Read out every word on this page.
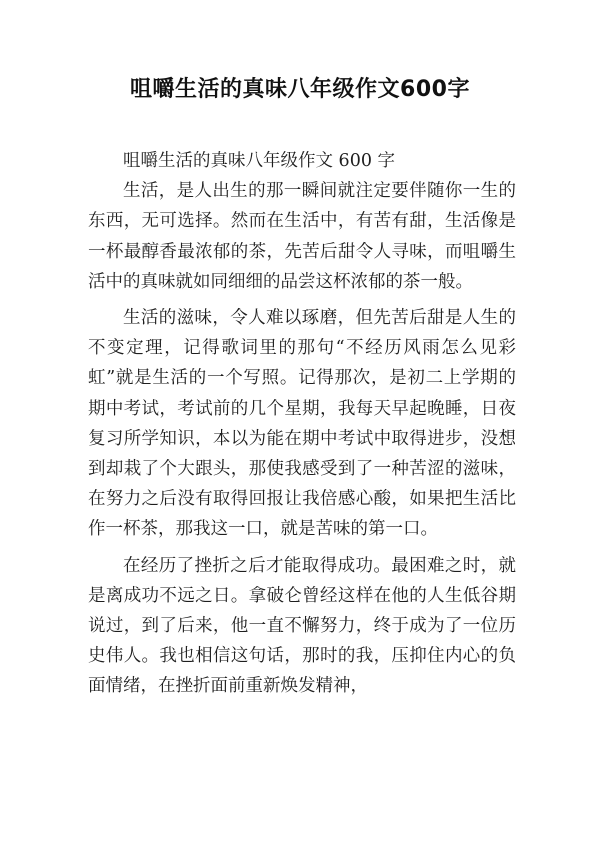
咀嚼生活的真味八年级作文600字

咀嚼生活的真味八年级作文 600 字

生活，是人出生的那一瞬间就注定要伴随你一生的东西，无可选择。然而在生活中，有苦有甜，生活像是一杯最醇香最浓郁的茶，先苦后甜令人寻味，而咀嚼生活中的真味就如同细细的品尝这杯浓郁的茶一般。

生活的滋味，令人难以琢磨，但先苦后甜是人生的不变定理，记得歌词里的那句“不经历风雨怎么见彩虹”就是生活的一个写照。记得那次，是初二上学期的期中考试，考试前的几个星期，我每天早起晚睡，日夜复习所学知识，本以为能在期中考试中取得进步，没想到却栽了个大跟头，那使我感受到了一种苦涩的滋味，在努力之后没有取得回报让我倍感心酸，如果把生活比作一杯茶，那我这一口，就是苦味的第一口。

在经历了挫折之后才能取得成功。最困难之时，就是离成功不远之日。拿破仑曾经这样在他的人生低谷期说过，到了后来，他一直不懈努力，终于成为了一位历史伟人。我也相信这句话，那时的我，压抑住内心的负面情绪，在挫折面前重新焕发精神，
